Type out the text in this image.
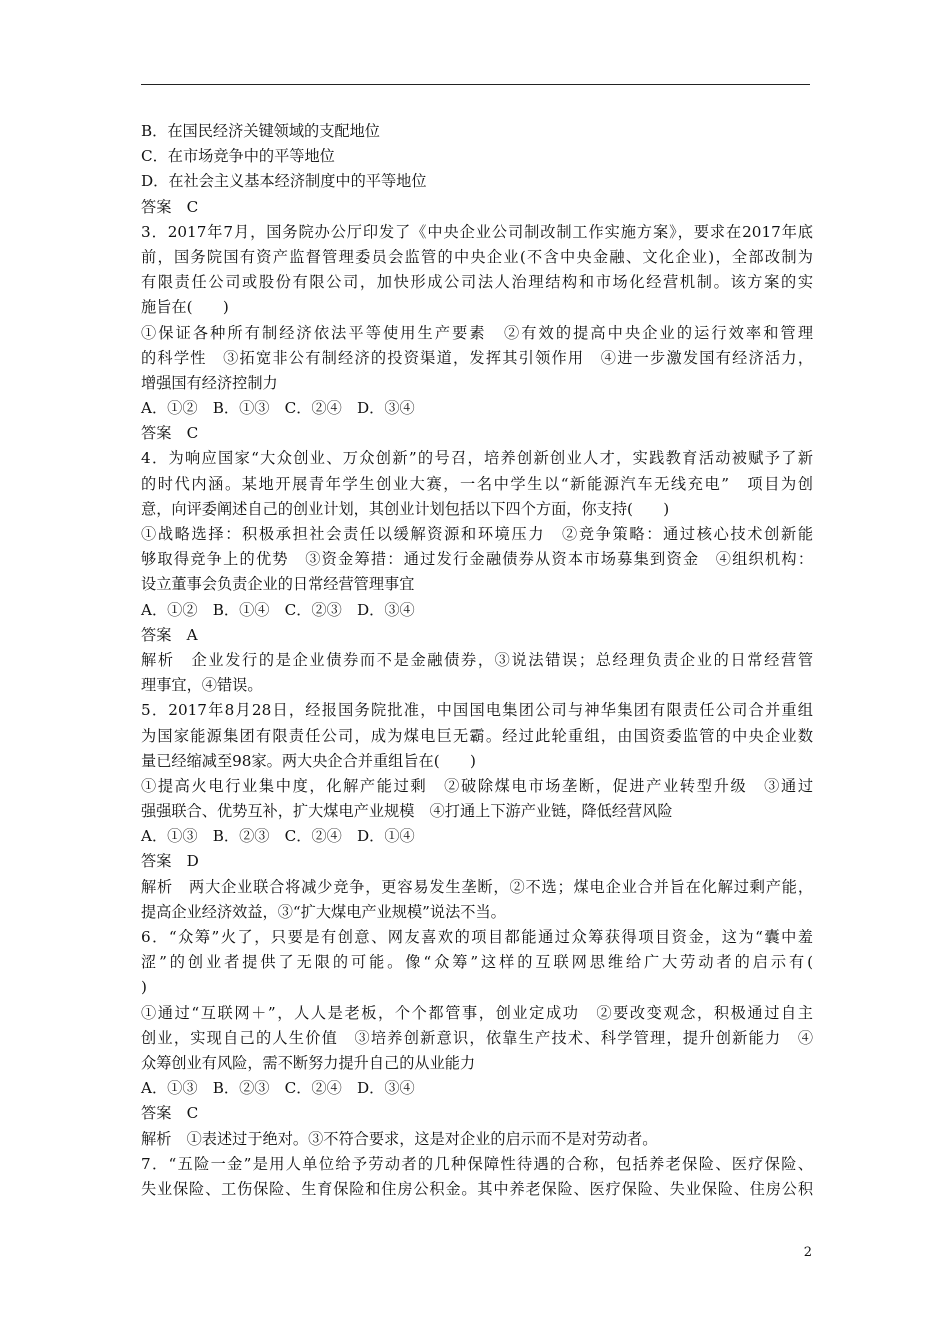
B．在国民经济关键领域的支配地位
C．在市场竞争中的平等地位
D．在社会主义基本经济制度中的平等地位
答案　C
3．2017年7月，国务院办公厅印发了《中央企业公司制改制工作实施方案》，要求在2017年底
前，国务院国有资产监督管理委员会监管的中央企业(不含中央金融、文化企业)，全部改制为
有限责任公司或股份有限公司，加快形成公司法人治理结构和市场化经营机制。该方案的实
施旨在(　　)
①保证各种所有制经济依法平等使用生产要素　②有效的提高中央企业的运行效率和管理
的科学性　③拓宽非公有制经济的投资渠道，发挥其引领作用　④进一步激发国有经济活力，
增强国有经济控制力
A．①②　B．①③　C．②④　D．③④
答案　C
4．为响应国家“大众创业、万众创新”的号召，培养创新创业人才，实践教育活动被赋予了新
的时代内涵。某地开展青年学生创业大赛，一名中学生以“新能源汽车无线充电”　项目为创
意，向评委阐述自己的创业计划，其创业计划包括以下四个方面，你支持(　　)
①战略选择：积极承担社会责任以缓解资源和环境压力　②竞争策略：通过核心技术创新能
够取得竞争上的优势　③资金筹措：通过发行金融债券从资本市场募集到资金　④组织机构：
设立董事会负责企业的日常经营管理事宜
A．①②　B．①④　C．②③　D．③④
答案　A
解析　企业发行的是企业债券而不是金融债券，③说法错误；总经理负责企业的日常经营管
理事宜，④错误。
5．2017年8月28日，经报国务院批准，中国国电集团公司与神华集团有限责任公司合并重组
为国家能源集团有限责任公司，成为煤电巨无霸。经过此轮重组，由国资委监管的中央企业数
量已经缩减至98家。两大央企合并重组旨在(　　)
①提高火电行业集中度，化解产能过剩　②破除煤电市场垄断，促进产业转型升级　③通过
强强联合、优势互补，扩大煤电产业规模　④打通上下游产业链，降低经营风险
A．①③　B．②③　C．②④　D．①④
答案　D
解析　两大企业联合将减少竞争，更容易发生垄断，②不选；煤电企业合并旨在化解过剩产能，
提高企业经济效益，③“扩大煤电产业规模”说法不当。
6．“众筹”火了，只要是有创意、网友喜欢的项目都能通过众筹获得项目资金，这为“囊中羞
涩”的创业者提供了无限的可能。像“众筹”这样的互联网思维给广大劳动者的启示有(
)
①通过“互联网＋”，人人是老板，个个都管事，创业定成功　②要改变观念，积极通过自主
创业，实现自己的人生价值　③培养创新意识，依靠生产技术、科学管理，提升创新能力　④
众筹创业有风险，需不断努力提升自己的从业能力
A．①③　B．②③　C．②④　D．③④
答案　C
解析　①表述过于绝对。③不符合要求，这是对企业的启示而不是对劳动者。
7．“五险一金”是用人单位给予劳动者的几种保障性待遇的合称，包括养老保险、医疗保险、
失业保险、工伤保险、生育保险和住房公积金。其中养老保险、医疗保险、失业保险、住房公积
2
